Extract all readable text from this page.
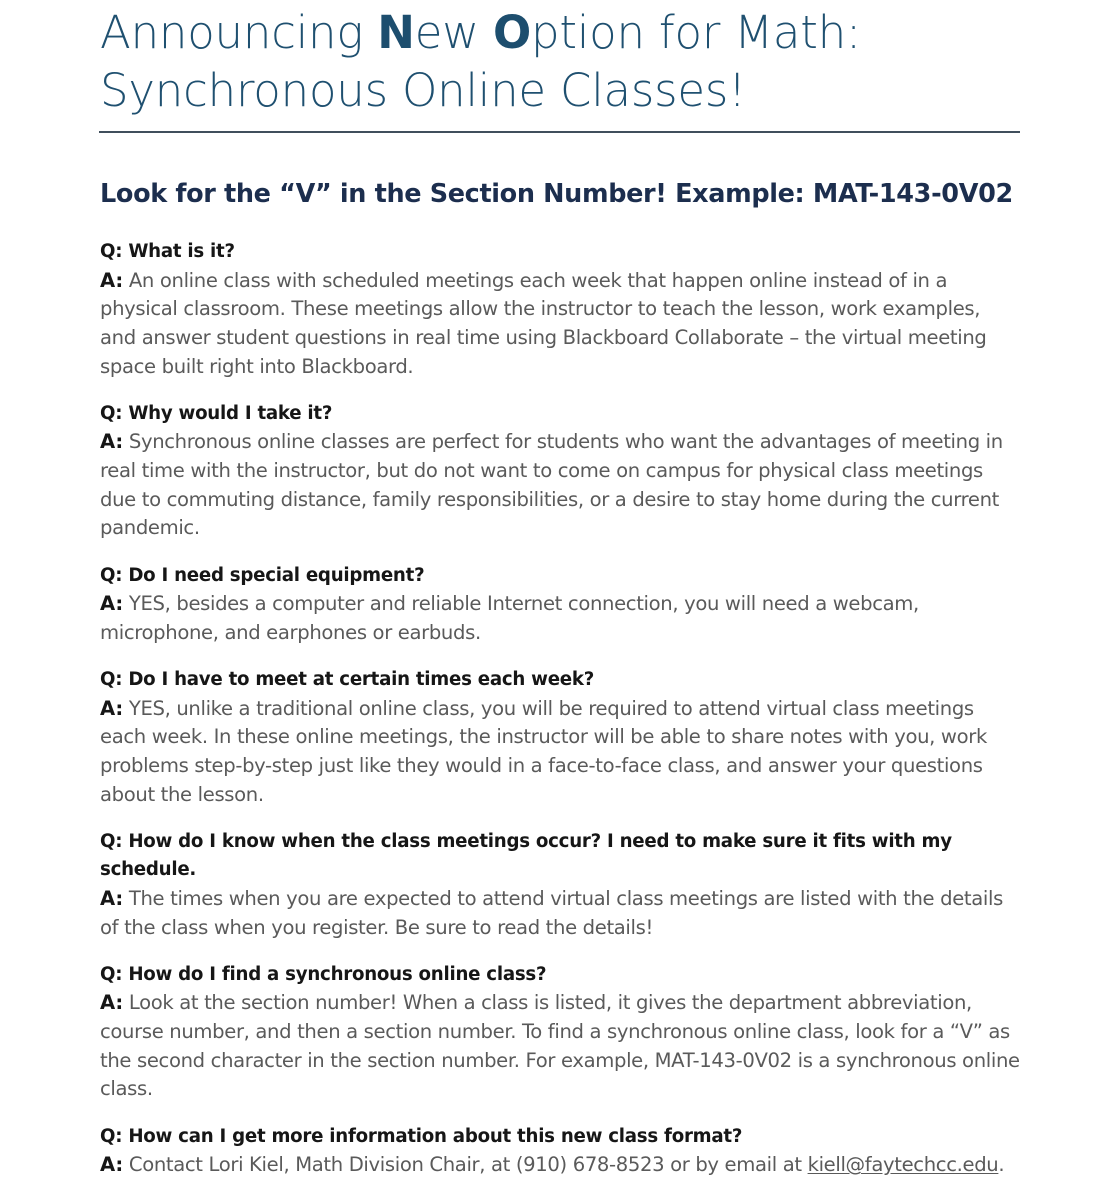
Announcing New Option for Math:
Synchronous Online Classes!
Look for the “V” in the Section Number! Example: MAT-143-0V02

Q: What is it?

A: An online class with scheduled meetings each week that happen online instead of in a physical classroom. These meetings allow the instructor to teach the lesson, work examples, and answer student questions in real time using Blackboard Collaborate – the virtual meeting space built right into Blackboard.

Q: Why would I take it?

A: Synchronous online classes are perfect for students who want the advantages of meeting in real time with the instructor, but do not want to come on campus for physical class meetings due to commuting distance, family responsibilities, or a desire to stay home during the current pandemic.

Q: Do I need special equipment?

A: YES, besides a computer and reliable Internet connection, you will need a webcam, microphone, and earphones or earbuds.

Q: Do I have to meet at certain times each week?

A: YES, unlike a traditional online class, you will be required to attend virtual class meetings each week. In these online meetings, the instructor will be able to share notes with you, work problems step-by-step just like they would in a face-to-face class, and answer your questions about the lesson.

Q: How do I know when the class meetings occur? I need to make sure it fits with my schedule.

A: The times when you are expected to attend virtual class meetings are listed with the details of the class when you register. Be sure to read the details!

Q: How do I find a synchronous online class?

A: Look at the section number! When a class is listed, it gives the department abbreviation, course number, and then a section number. To find a synchronous online class, look for a “V” as the second character in the section number. For example, MAT-143-0V02 is a synchronous online class.

Q: How can I get more information about this new class format?

A: Contact Lori Kiel, Math Division Chair, at (910) 678-8523 or by email at kiell@faytechcc.edu.
